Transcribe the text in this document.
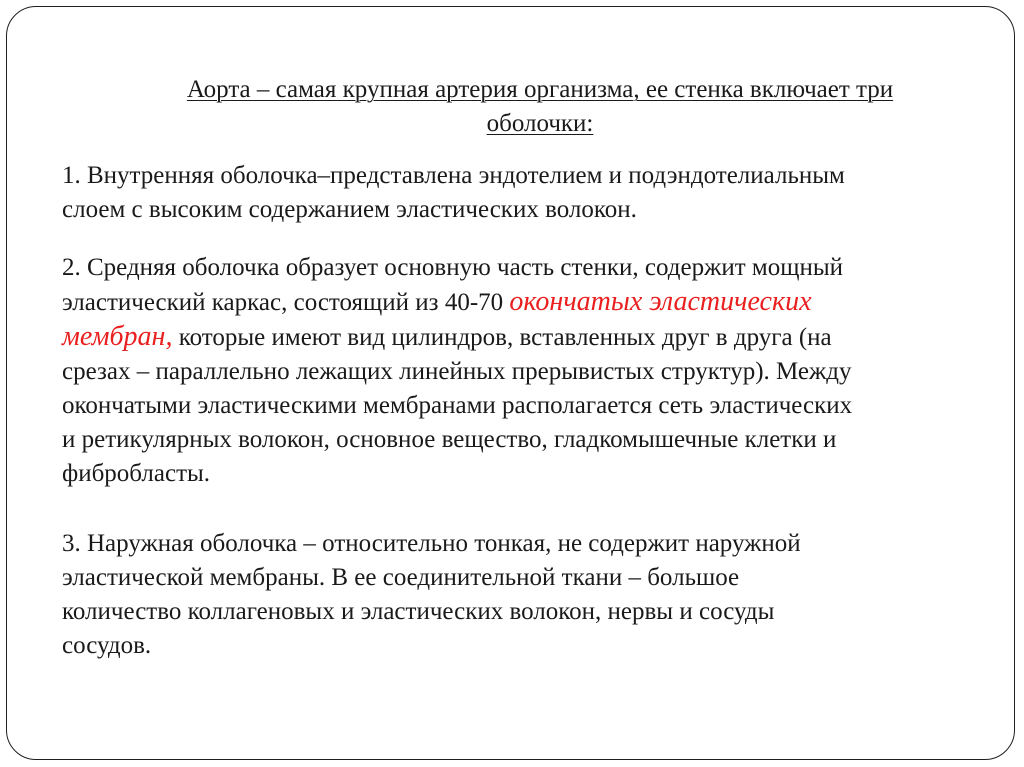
Аорта – самая крупная артерия организма, ее стенка включает три
оболочки:

1. Внутренняя оболочка–представлена эндотелием и подэндотелиальным
слоем с высоким содержанием эластических волокон.

2. Средняя оболочка образует основную часть стенки, содержит мощный
эластический каркас, состоящий из 40-70 окончатых эластических
мембран, которые имеют вид цилиндров, вставленных друг в друга (на
срезах – параллельно лежащих линейных прерывистых структур). Между
окончатыми эластическими мембранами располагается сеть эластических
и ретикулярных волокон, основное вещество, гладкомышечные клетки и
фибробласты.

3. Наружная оболочка – относительно тонкая, не содержит наружной
эластической мембраны. В ее соединительной ткани – большое
количество коллагеновых и эластических волокон, нервы и сосуды
сосудов.
